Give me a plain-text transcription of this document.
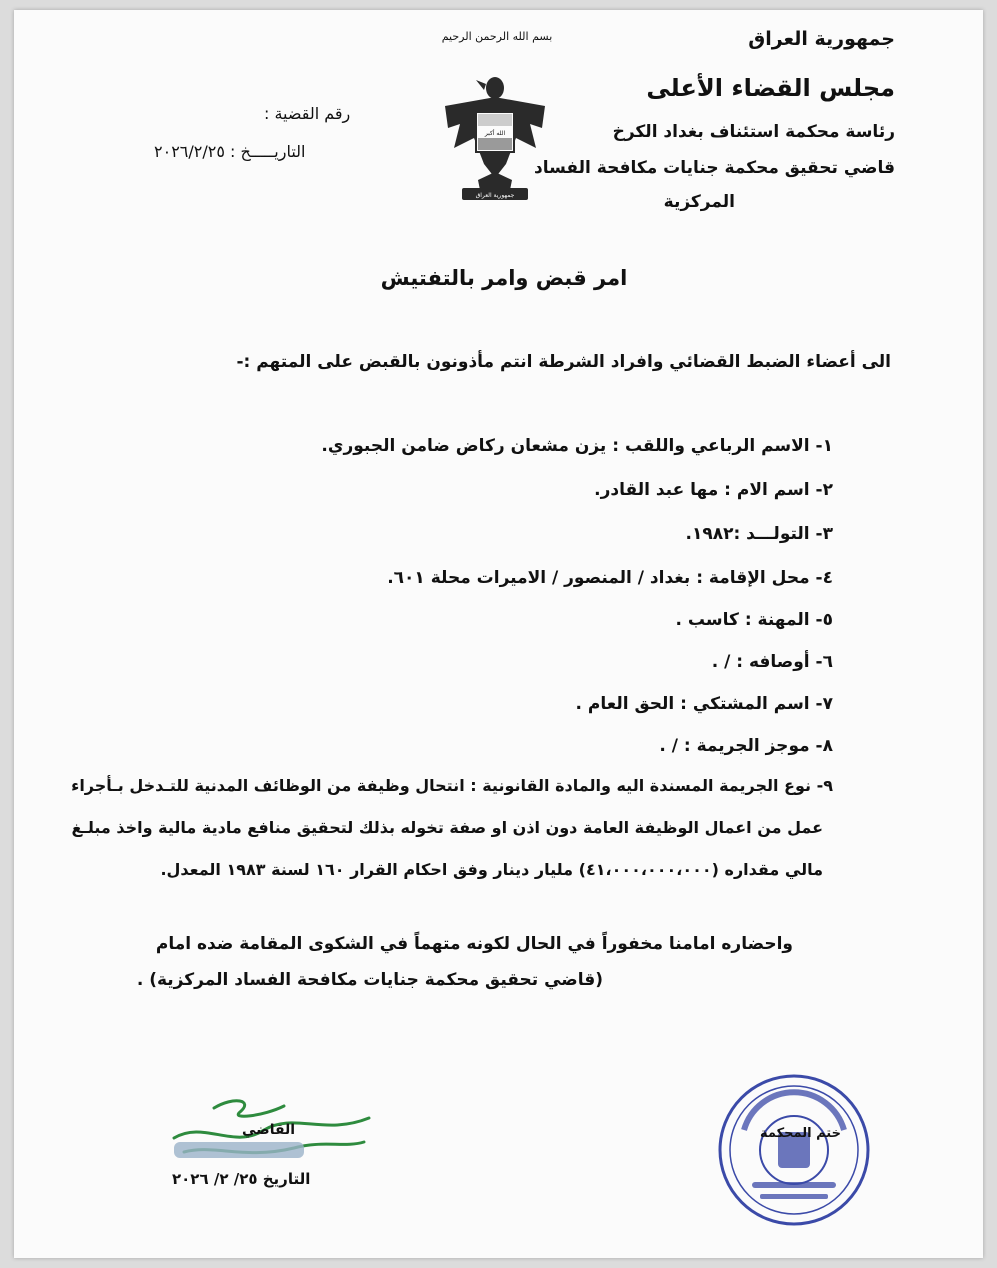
بسم الله الرحمن الرحيم	جمهورية العراق
مجلس القضاء الأعلى
رئاسة محكمة استئناف بغداد الكرخ
قاضي تحقيق محكمة جنايات مكافحة الفساد
المركزية
الله أكبر
جمهورية العراق
رقم القضية :
التاريـــــخ : ٢٠٢٦/٢/٢٥
امر قبض وامر بالتفتيش
الى أعضاء الضبط القضائي وافراد الشرطة انتم مأذونون بالقبض على المتهم :-
١- الاسم الرباعي واللقب : يزن مشعان ركاض ضامن الجبوري.
٢- اسم الام : مها عبد القادر.
٣- التولـــد :١٩٨٢.
٤- محل الإقامة : بغداد / المنصور / الاميرات محلة ٦٠١.
٥- المهنة : كاسب .
٦- أوصافه : / .
٧- اسم المشتكي : الحق العام .
٨- موجز الجريمة : / .
٩- نوع الجريمة المسندة اليه والمادة القانونية : انتحال وظيفة من الوظائف المدنية للتـدخل بـأجراء
عمل من اعمال الوظيفة العامة دون اذن او صفة تخوله بذلك لتحقيق منافع مادية مالية واخذ مبلـغ
مالي مقداره (٤١،٠٠٠،٠٠٠،٠٠٠) مليار دينار وفق احكام القرار ١٦٠ لسنة ١٩٨٣ المعدل.
واحضاره امامنا مخفوراً في الحال لكونه متهماً في الشكوى المقامة ضده امام
(قاضي تحقيق محكمة جنايات مكافحة الفساد المركزية) .
القاضي
التاريخ ٢٥/ ٢/ ٢٠٢٦
ختم المحكمة
